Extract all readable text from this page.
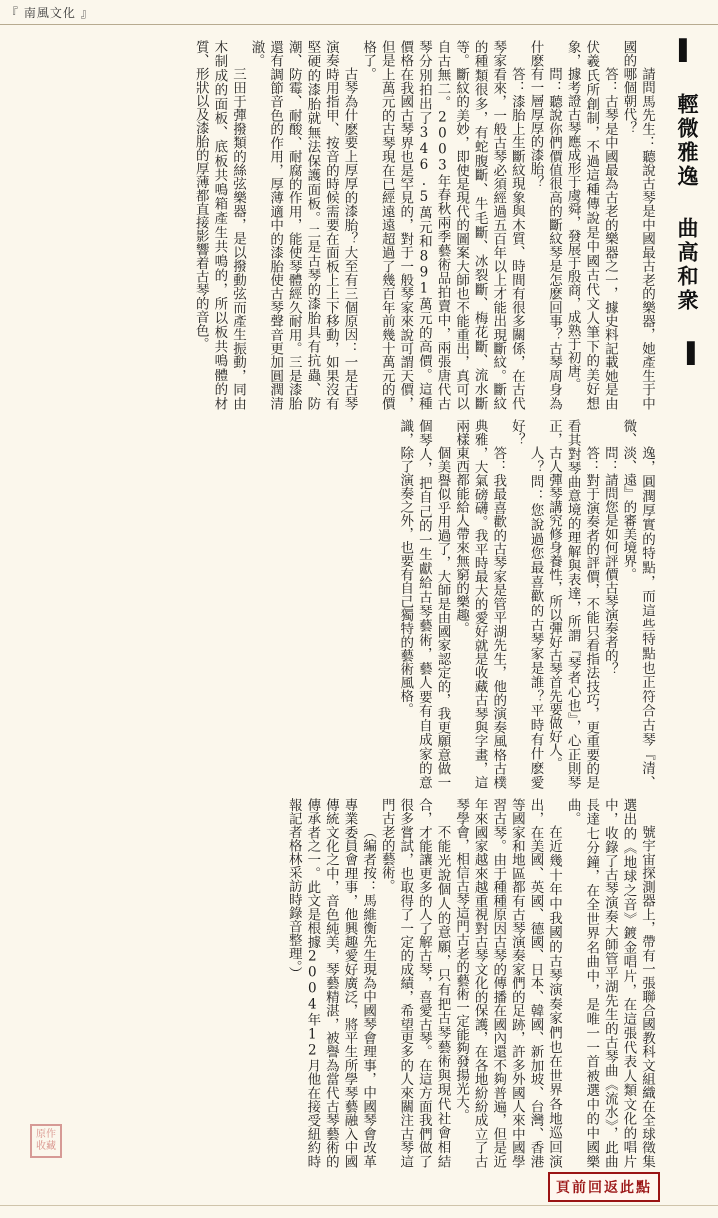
『 南風文化 』
▌ 輕微雅逸 曲高和衆 ▐

請問馬先生：聽說古琴是中國最古老的樂器，她產生于中國的哪個朝代？

答：古琴是中國最為古老的樂器之一，據史料記載她是由伏羲氏所創制，不過這種傳說是中國古代文人筆下的美好想象，據考證古琴應成形于虞舜，發展于殷商，成熟于初唐。

問：聽說你們價值很高的斷紋琴是怎麽回事？古琴周身為什麽有一層厚厚的漆胎？

答：漆胎上生斷紋現象與木質、時間有很多關係，在古代琴家看來，一般古琴必須經過五百年以上才能出現斷紋。斷紋的種類很多，有蛇腹斷、牛毛斷、冰裂斷、梅花斷、流水斷等。斷紋的美妙，即使是現代的圖案大師也不能重出，真可以自古無二。2003年春秋兩季藝術品拍賣中，兩張唐代古琴分別拍出了346.5萬元和891萬元的高價。這種價格在我國古琴界也是罕見的，對于一般琴家來說可謂天價，但是上萬元的古琴現在已經遠遠超過了幾百年前幾十萬元的價格了。

古琴為什麽要上厚厚的漆胎？大至有三個原因：一是古琴演奏時用指甲、按音的時候需要在面板上上下移動，如果沒有堅硬的漆胎就無法保護面板。二是古琴的漆胎具有抗蟲、防潮、防霉、耐酸、耐腐的作用，能使琴體經久耐用。三是漆胎還有調節音色的作用，厚薄適中的漆胎使古琴聲音更加圓潤清澈。

三田于彈撥類的絲弦樂器，是以撥動弦而產生振動，同由木制成的面板、底板共鳴箱產生共鳴的，所以板共鳴體的材質、形狀以及漆胎的厚薄都直接影響着古琴的音色。

逸，圓潤厚實的特點，而這些特點也正符合古琴『清、微、淡、遠』的審美境界。

問：請問您是如何評價古琴演奏者的？

答：對于演奏者的評價，不能只看指法技巧，更重要的是看其對琴曲意境的理解與表達，所謂『琴者心也』，心正則琴正，古人彈琴講究修身養性，所以彈好古琴首先要做好人。

人？問：您說過您最喜歡的古琴家是誰？平時有什麽愛好？

答：我最喜歡的古琴家是管平湖先生，他的演奏風格古樸典雅，大氣磅礴。我平時最大的愛好就是收藏古琴與字畫，這兩樣東西都能給人帶來無窮的樂趣。

個美譽似乎用過了，大師是由國家認定的，我更願意做一個琴人，把自己的一生獻給古琴藝術，藝人要有自成家的意識，除了演奏之外，也要有自己獨特的藝術風格。

號宇宙探測器上，帶有一張聯合國教科文組織在全球徵集選出的《地球之音》鍍金唱片，在這張代表人類文化的唱片中，收錄了古琴演奏大師管平湖先生的古琴曲《流水》，此曲長達七分鐘，在全世界名曲中，是唯一一首被選中的中國樂曲。

在近幾十年中我國的古琴演奏家們也在世界各地巡回演出，在美國、英國、德國、日本、韓國、新加坡、台灣、香港等國家和地區都有古琴演奏家們的足跡，許多外國人來中國學習古琴。由于種種原因古琴的傳播在國內還不夠普遍，但是近年來國家越來越重視對古琴文化的保護，在各地紛紛成立了古琴學會，相信古琴這門古老的藝術一定能夠發揚光大。

不能光說個人的意願，只有把古琴藝術與現代社會相結合，才能讓更多的人了解古琴，喜愛古琴。在這方面我們做了很多嘗試，也取得了一定的成績，希望更多的人來關注古琴這門古老的藝術。

（編者按：馬維衡先生現為中國琴會理事，中國琴會改革專業委員會理事，他興趣愛好廣泛，將平生所學琴藝融入中國傳統文化之中，音色純美，琴藝精湛，被譽為當代古琴藝術的傳承者之一。此文是根據2004年12月他在接受紐約時報記者格林采訪時錄音整理。）

原作收藏
頁前回返此點
